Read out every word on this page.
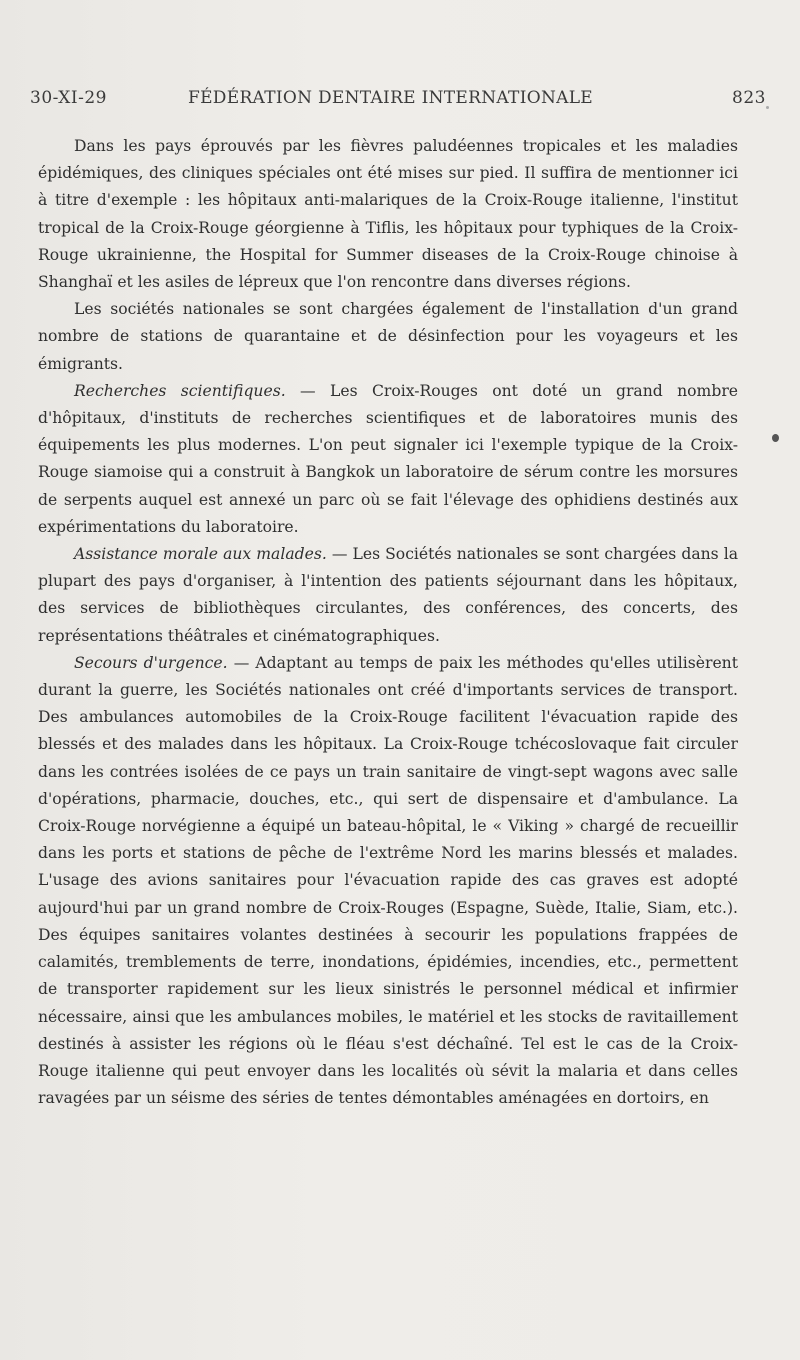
30-XI-29	FÉDÉRATION DENTAIRE INTERNATIONALE	823

Dans les pays éprouvés par les fièvres paludéennes tropicales et les maladies épidémiques, des cliniques spéciales ont été mises sur pied. Il suffira de mentionner ici à titre d'exemple : les hôpitaux anti-malariques de la Croix-Rouge italienne, l'institut tropical de la Croix-Rouge géorgienne à Tiflis, les hôpitaux pour typhiques de la Croix-Rouge ukrainienne, the Hospital for Summer diseases de la Croix-Rouge chinoise à Shanghaï et les asiles de lépreux que l'on rencontre dans diverses régions.

Les sociétés nationales se sont chargées également de l'installation d'un grand nombre de stations de quarantaine et de désinfection pour les voyageurs et les émigrants.

Recherches scientifiques. — Les Croix-Rouges ont doté un grand nombre d'hôpitaux, d'instituts de recherches scientifiques et de laboratoires munis des équipements les plus modernes. L'on peut signaler ici l'exemple typique de la Croix-Rouge siamoise qui a construit à Bangkok un laboratoire de sérum contre les morsures de serpents auquel est annexé un parc où se fait l'élevage des ophidiens destinés aux expérimentations du laboratoire.

Assistance morale aux malades. — Les Sociétés nationales se sont chargées dans la plupart des pays d'organiser, à l'intention des patients séjournant dans les hôpitaux, des services de bibliothèques circulantes, des conférences, des concerts, des représentations théâtrales et cinématographiques.

Secours d'urgence. — Adaptant au temps de paix les méthodes qu'elles utilisèrent durant la guerre, les Sociétés nationales ont créé d'importants services de transport. Des ambulances automobiles de la Croix-Rouge facilitent l'évacuation rapide des blessés et des malades dans les hôpitaux. La Croix-Rouge tchécoslovaque fait circuler dans les contrées isolées de ce pays un train sanitaire de vingt-sept wagons avec salle d'opérations, pharmacie, douches, etc., qui sert de dispensaire et d'ambulance. La Croix-Rouge norvégienne a équipé un bateau-hôpital, le « Viking » chargé de recueillir dans les ports et stations de pêche de l'extrême Nord les marins blessés et malades. L'usage des avions sanitaires pour l'évacuation rapide des cas graves est adopté aujourd'hui par un grand nombre de Croix-Rouges (Espagne, Suède, Italie, Siam, etc.). Des équipes sanitaires volantes destinées à secourir les populations frappées de calamités, tremblements de terre, inondations, épidémies, incendies, etc., permettent de transporter rapidement sur les lieux sinistrés le personnel médical et infirmier nécessaire, ainsi que les ambulances mobiles, le matériel et les stocks de ravitaillement destinés à assister les régions où le fléau s'est déchaîné. Tel est le cas de la Croix-Rouge italienne qui peut envoyer dans les localités où sévit la malaria et dans celles ravagées par un séisme des séries de tentes démontables aménagées en dortoirs, en
